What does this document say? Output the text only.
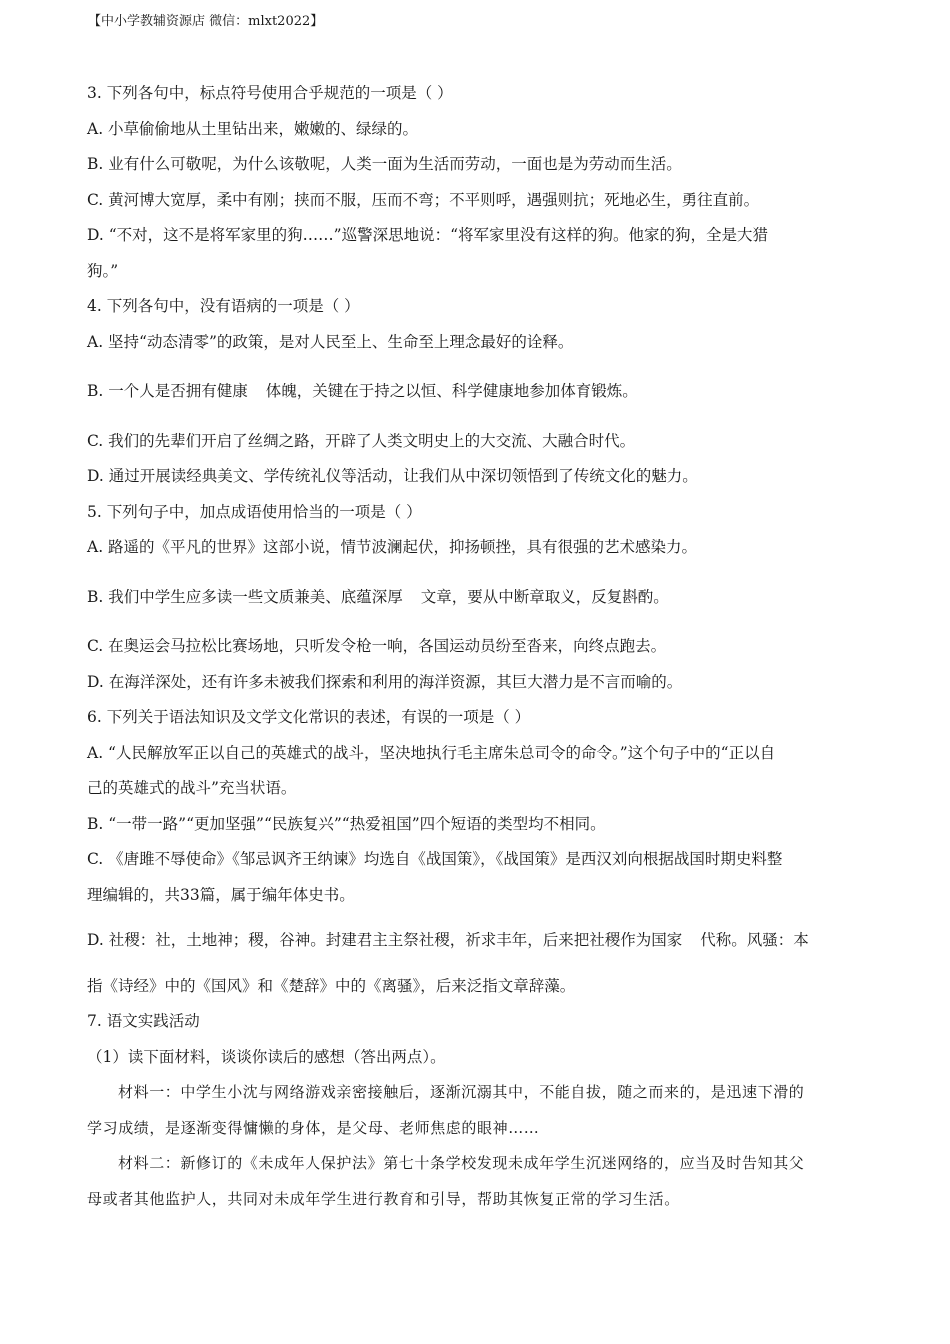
【中小学教辅资源店 微信：mlxt2022】
3. 下列各句中，标点符号使用合乎规范的一项是（ ）
A. 小草偷偷地从土里钻出来，嫩嫩的、绿绿的。
B. 业有什么可敬呢，为什么该敬呢，人类一面为生活而劳动，一面也是为劳动而生活。
C. 黄河博大宽厚，柔中有刚；挟而不服，压而不弯；不平则呼，遇强则抗；死地必生，勇往直前。
D. “不对，这不是将军家里的狗……”巡警深思地说：“将军家里没有这样的狗。他家的狗，全是大猎
狗。”
4. 下列各句中，没有语病的一项是（ ）
A. 坚持“动态清零”的政策，是对人民至上、生命至上理念最好的诠释。
B. 一个人是否拥有健康 体魄，关键在于持之以恒、科学健康地参加体育锻炼。
C. 我们的先辈们开启了丝绸之路，开辟了人类文明史上的大交流、大融合时代。
D. 通过开展读经典美文、学传统礼仪等活动，让我们从中深切领悟到了传统文化的魅力。
5. 下列句子中，加点成语使用恰当的一项是（ ）
A. 路遥的《平凡的世界》这部小说，情节波澜起伏，抑扬顿挫，具有很强的艺术感染力。
B. 我们中学生应多读一些文质兼美、底蕴深厚 文章，要从中断章取义，反复斟酌。
C. 在奥运会马拉松比赛场地，只听发令枪一响，各国运动员纷至沓来，向终点跑去。
D. 在海洋深处，还有许多未被我们探索和利用的海洋资源，其巨大潜力是不言而喻的。
6. 下列关于语法知识及文学文化常识的表述，有误的一项是（ ）
A. “人民解放军正以自己的英雄式的战斗，坚决地执行毛主席朱总司令的命令。”这个句子中的“正以自
己的英雄式的战斗”充当状语。
B. “一带一路”“更加坚强”“民族复兴”“热爱祖国”四个短语的类型均不相同。
C. 《唐雎不辱使命》《邹忌讽齐王纳谏》均选自《战国策》，《战国策》是西汉刘向根据战国时期史料整
理编辑的，共33篇，属于编年体史书。
D. 社稷：社，土地神；稷，谷神。封建君主主祭社稷，祈求丰年，后来把社稷作为国家 代称。风骚：本
指《诗经》中的《国风》和《楚辞》中的《离骚》，后来泛指文章辞藻。
7. 语文实践活动
（1）读下面材料，谈谈你读后的感想（答出两点）。
材料一：中学生小沈与网络游戏亲密接触后，逐渐沉溺其中，不能自拔，随之而来的，是迅速下滑的
学习成绩，是逐渐变得慵懒的身体，是父母、老师焦虑的眼神……
材料二：新修订的《未成年人保护法》第七十条学校发现未成年学生沉迷网络的，应当及时告知其父
母或者其他监护人，共同对未成年学生进行教育和引导，帮助其恢复正常的学习生活。
